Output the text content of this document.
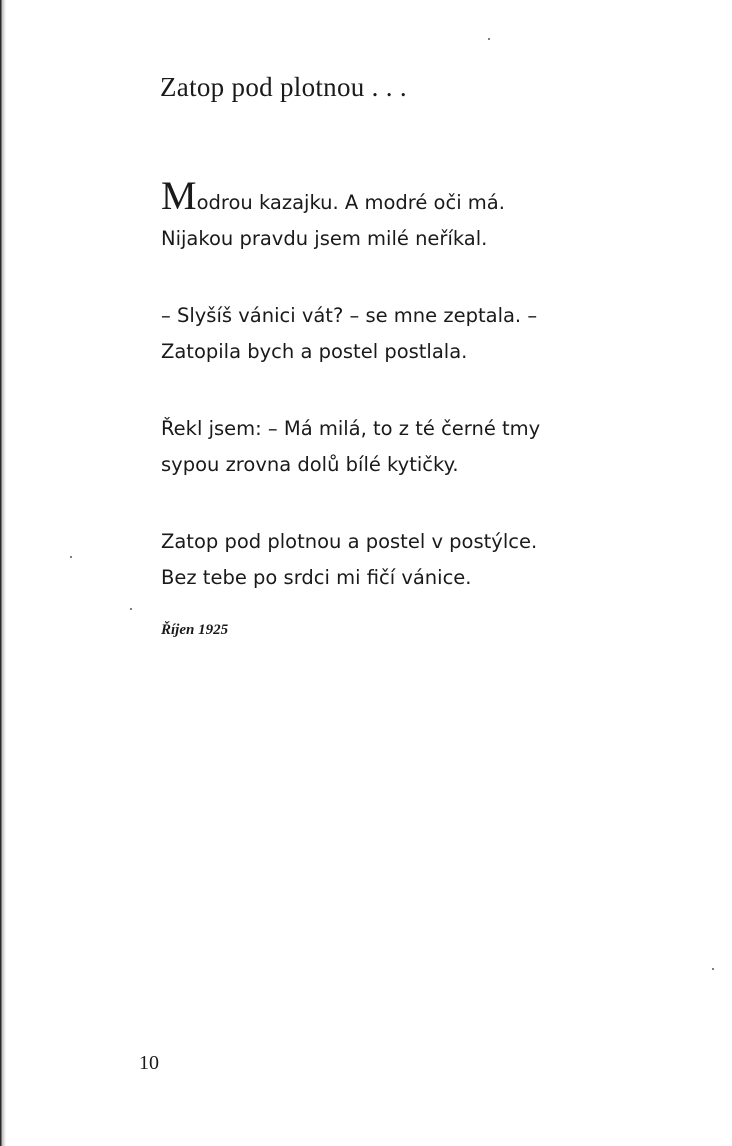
Zatop pod plotnou . . .
Modrou kazajku. A modré oči má.
Nijakou pravdu jsem milé neříkal.
– Slyšíš vánici vát? – se mne zeptala. –
Zatopila bych a postel postlala.
Řekl jsem: – Má milá, to z té černé tmy
sypou zrovna dolů bílé kytičky.
Zatop pod plotnou a postel v postýlce.
Bez tebe po srdci mi fičí vánice.
Říjen 1925
10
